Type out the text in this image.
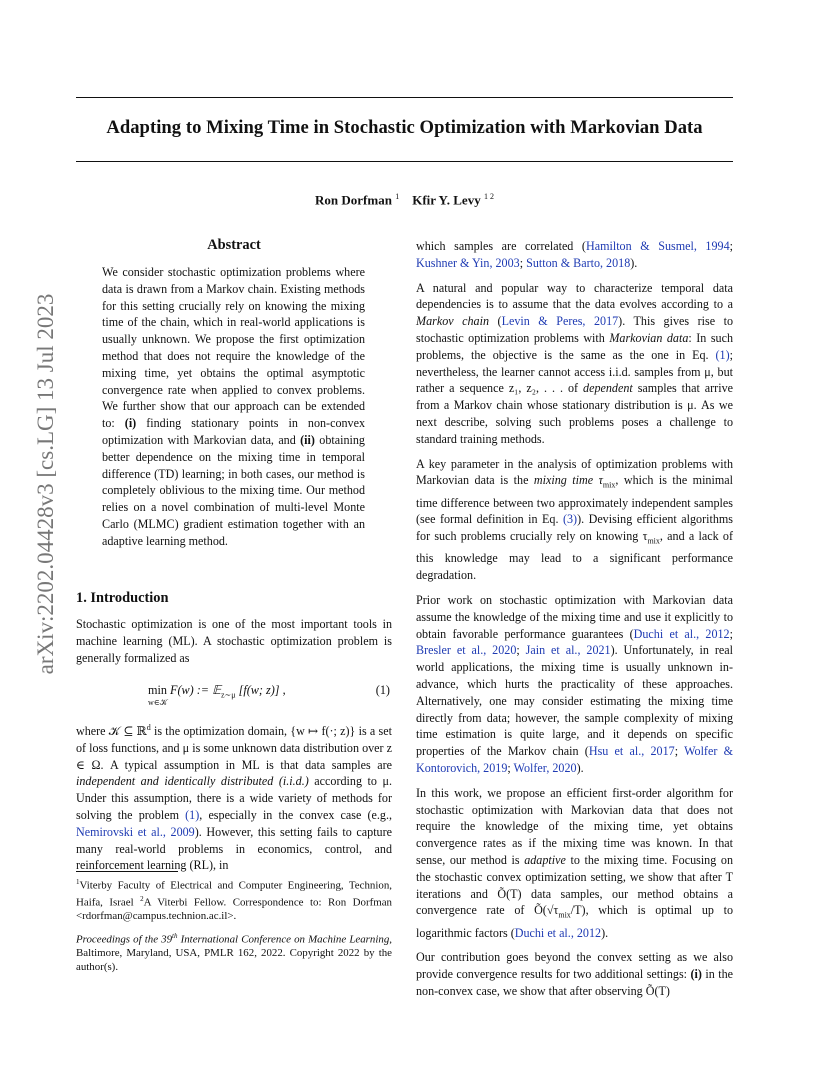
Adapting to Mixing Time in Stochastic Optimization with Markovian Data
Ron Dorfman $^1$ Kfir Y. Levy $^{1 2}$
arXiv:2202.04428v3 [cs.LG] 13 Jul 2023
Abstract

We consider stochastic optimization problems where data is drawn from a Markov chain. Existing methods for this setting crucially rely on knowing the mixing time of the chain, which in real-world applications is usually unknown. We propose the first optimization method that does not require the knowledge of the mixing time, yet obtains the optimal asymptotic convergence rate when applied to convex problems. We further show that our approach can be extended to: (i) finding stationary points in non-convex optimization with Markovian data, and (ii) obtaining better dependence on the mixing time in temporal difference (TD) learning; in both cases, our method is completely oblivious to the mixing time. Our method relies on a novel combination of multi-level Monte Carlo (MLMC) gradient estimation together with an adaptive learning method.

1. Introduction

Stochastic optimization is one of the most important tools in machine learning (ML). A stochastic optimization problem is generally formalized as

min F(w) := 𝔼$_{z\sim\mu}$ [f(w; z)] ,
w∈𝒦
(1)

where 𝒦 ⊆ ℝ$^d$ is the optimization domain, {w ↦ f(·; z)} is a set of loss functions, and μ is some unknown data distribution over z ∈ Ω. A typical assumption in ML is that data samples are independent and identically distributed (i.i.d.) according to μ. Under this assumption, there is a wide variety of methods for solving the problem (1), especially in the convex case (e.g., Nemirovski et al., 2009). However, this setting fails to capture many real-world problems in economics, control, and reinforcement learning (RL), in

$^1$Viterby Faculty of Electrical and Computer Engineering, Technion, Haifa, Israel $^2$A Viterbi Fellow. Correspondence to: Ron Dorfman <rdorfman@campus.technion.ac.il>.
Proceedings of the 39th International Conference on Machine Learning, Baltimore, Maryland, USA, PMLR 162, 2022. Copyright 2022 by the author(s).

which samples are correlated (Hamilton & Susmel, 1994; Kushner & Yin, 2003; Sutton & Barto, 2018).

A natural and popular way to characterize temporal data dependencies is to assume that the data evolves according to a Markov chain (Levin & Peres, 2017). This gives rise to stochastic optimization problems with Markovian data: In such problems, the objective is the same as the one in Eq. (1); nevertheless, the learner cannot access i.i.d. samples from μ, but rather a sequence z₁, z₂, . . . of dependent samples that arrive from a Markov chain whose stationary distribution is μ. As we next describe, solving such problems poses a challenge to standard training methods.

A key parameter in the analysis of optimization problems with Markovian data is the mixing time $\tau_{mix}$, which is the minimal time difference between two approximately independent samples (see formal definition in Eq. (3)). Devising efficient algorithms for such problems crucially rely on knowing $\tau_{mix}$, and a lack of this knowledge may lead to a significant performance degradation.

Prior work on stochastic optimization with Markovian data assume the knowledge of the mixing time and use it explicitly to obtain favorable performance guarantees (Duchi et al., 2012; Bresler et al., 2020; Jain et al., 2021). Unfortunately, in real world applications, the mixing time is usually unknown in-advance, which hurts the practicality of these approaches. Alternatively, one may consider estimating the mixing time directly from data; however, the sample complexity of mixing time estimation is quite large, and it depends on specific properties of the Markov chain (Hsu et al., 2017; Wolfer & Kontorovich, 2019; Wolfer, 2020).

In this work, we propose an efficient first-order algorithm for stochastic optimization with Markovian data that does not require the knowledge of the mixing time, yet obtains convergence rates as if the mixing time was known. In that sense, our method is adaptive to the mixing time. Focusing on the stochastic convex optimization setting, we show that after T iterations and Õ(T) data samples, our method obtains a convergence rate of $Õ(√\tau_{mix}/T)$, which is optimal up to logarithmic factors (Duchi et al., 2012).

Our contribution goes beyond the convex setting as we also provide convergence results for two additional settings: (i) in the non-convex case, we show that after observing Õ(T)
